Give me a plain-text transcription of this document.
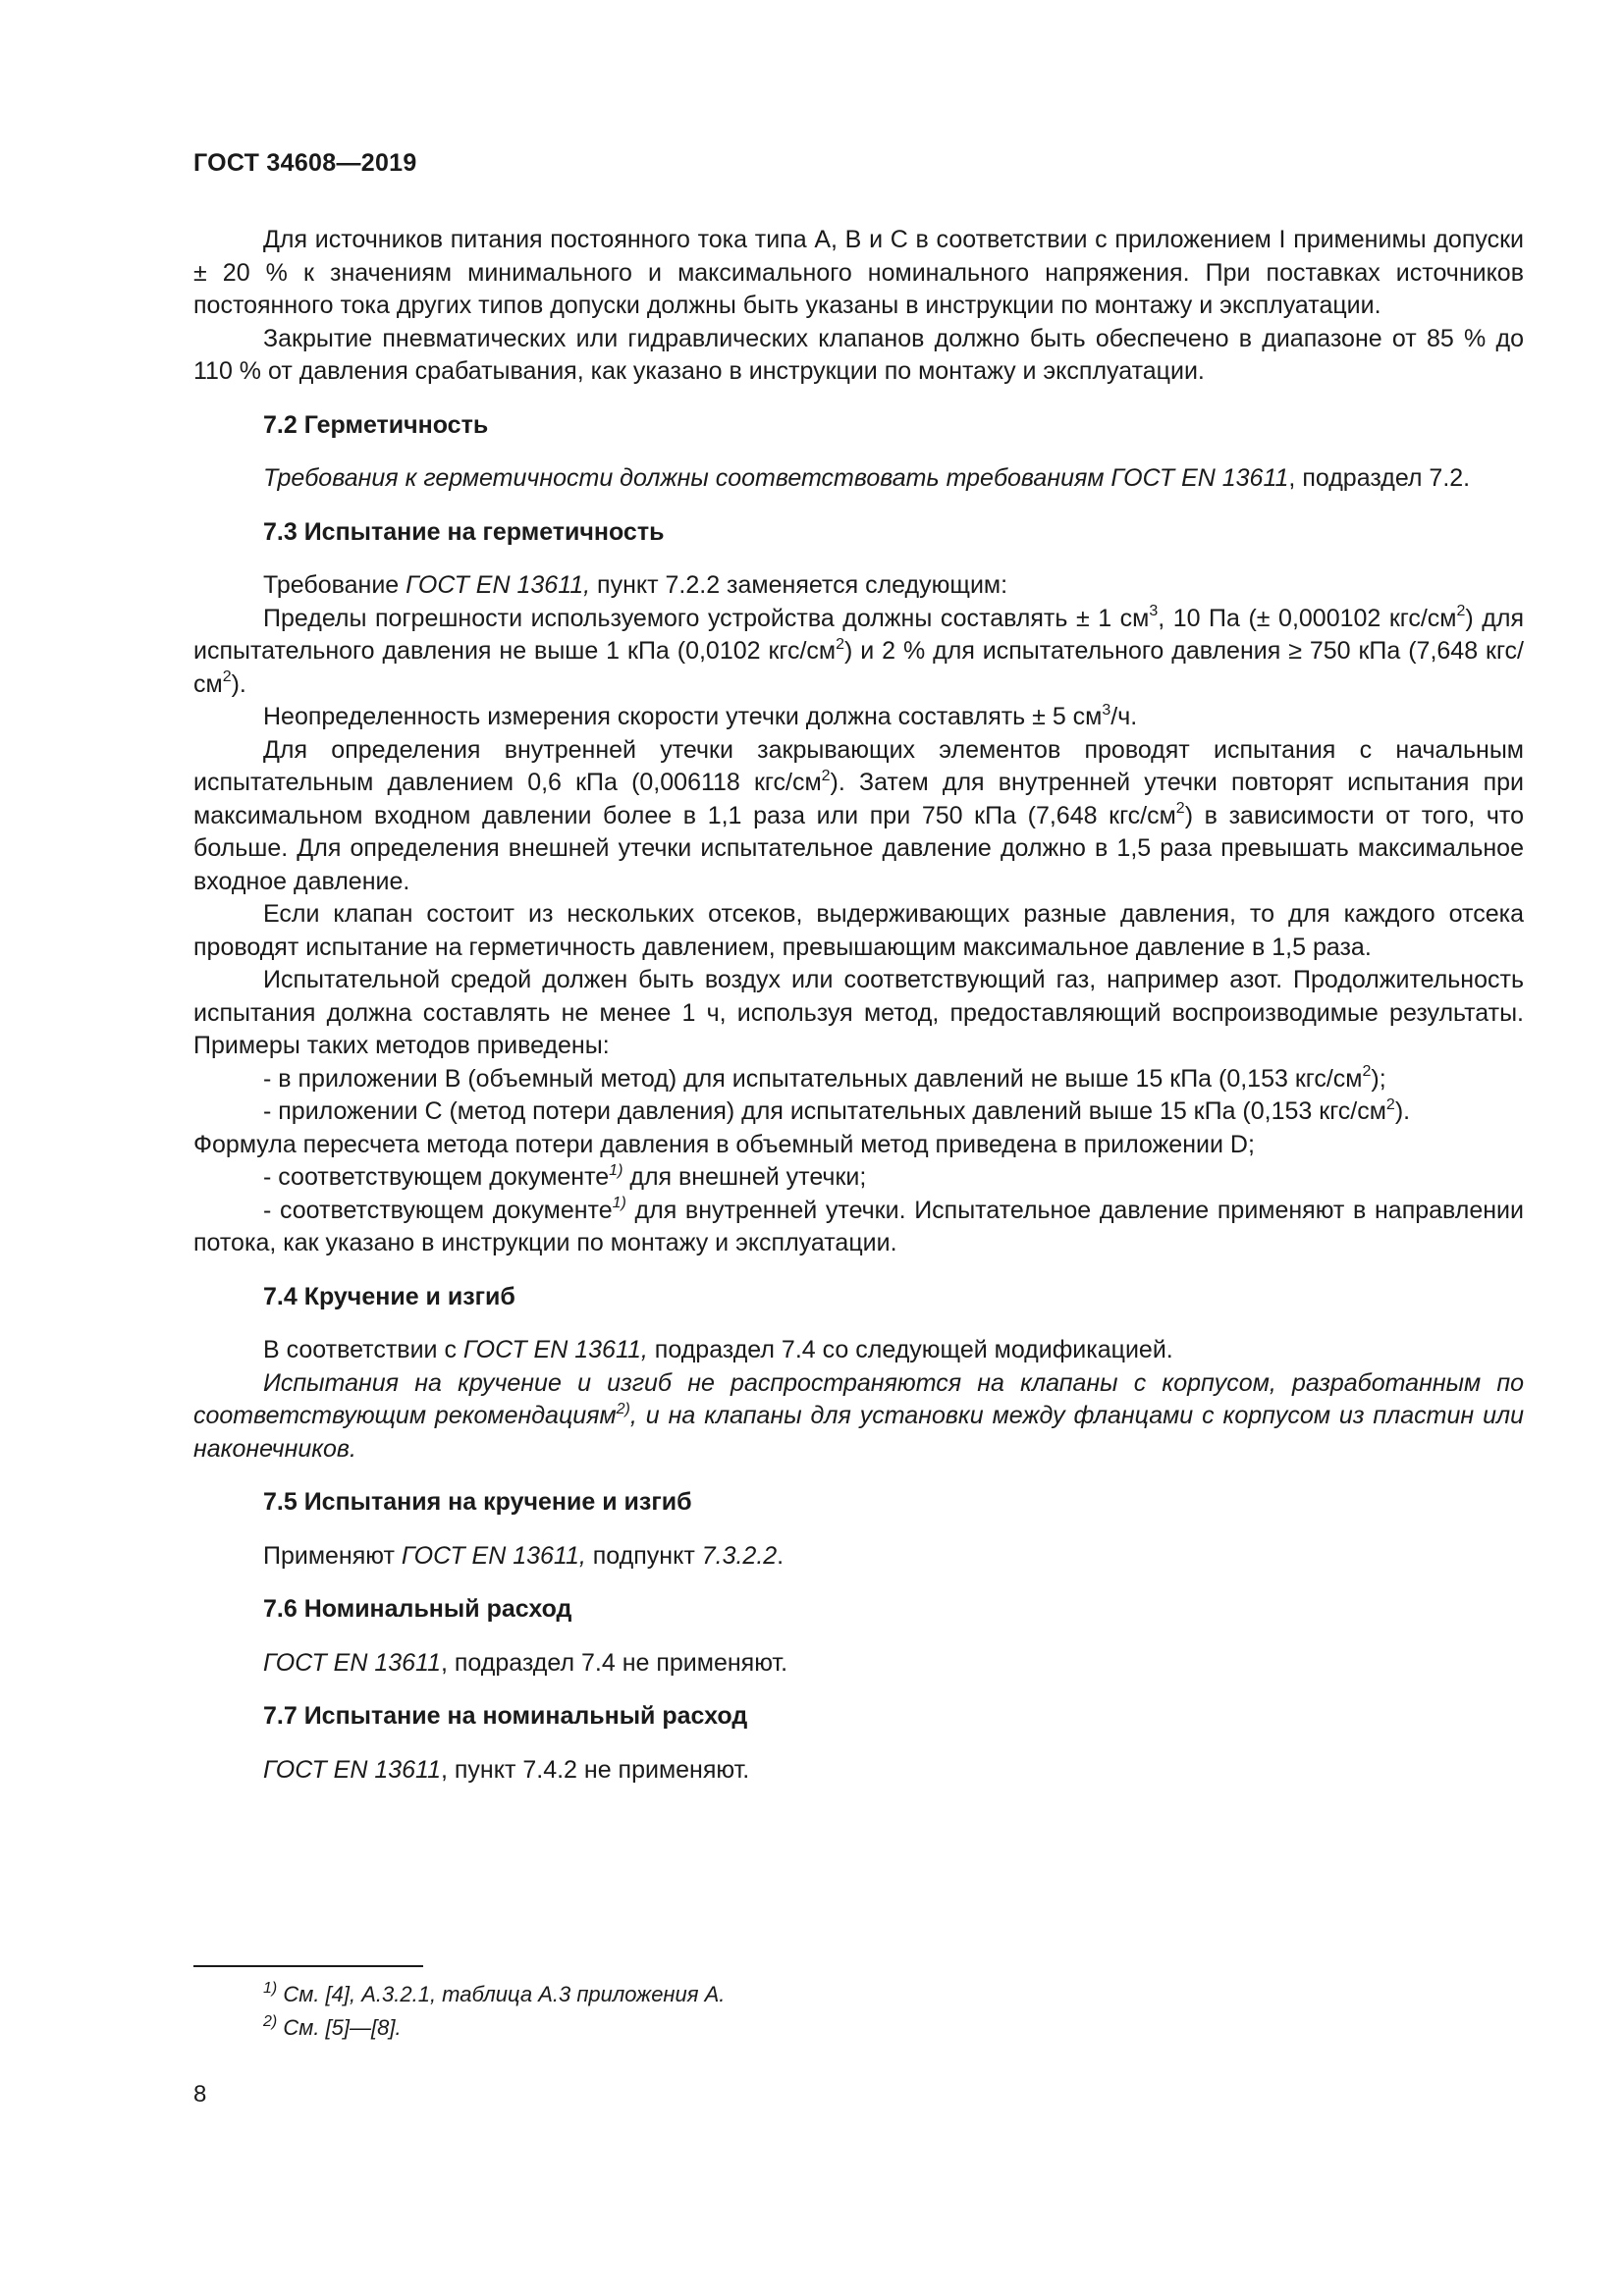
ГОСТ 34608—2019

Для источников питания постоянного тока типа А, В и С в соответствии с приложением I применимы допуски ± 20 % к значениям минимального и максимального номинального напряжения. При поставках источников постоянного тока других типов допуски должны быть указаны в инструкции по монтажу и эксплуатации.

Закрытие пневматических или гидравлических клапанов должно быть обеспечено в диапазоне от 85 % до 110 % от давления срабатывания, как указано в инструкции по монтажу и эксплуатации.

7.2 Герметичность

Требования к герметичности должны соответствовать требованиям ГОСТ EN 13611, подраздел 7.2.

7.3 Испытание на герметичность

Требование ГОСТ EN 13611, пункт 7.2.2 заменяется следующим:

Пределы погрешности используемого устройства должны составлять ± 1 $см^3$, 10 Па (± 0,000102 кгс/$см^2$) для испытательного давления не выше 1 кПа (0,0102 кгс/$см^2$) и 2 % для испытательного давления ≥ 750 кПа (7,648 кгс/$см^2$).

Неопределенность измерения скорости утечки должна составлять ± 5 $см^3/ч$.

Для определения внутренней утечки закрывающих элементов проводят испытания с начальным испытательным давлением 0,6 кПа (0,006118 кгс/$см^2$). Затем для внутренней утечки повторят испытания при максимальном входном давлении более в 1,1 раза или при 750 кПа (7,648 кгс/$см^2$) в зависимости от того, что больше. Для определения внешней утечки испытательное давление должно в 1,5 раза превышать максимальное входное давление.

Если клапан состоит из нескольких отсеков, выдерживающих разные давления, то для каждого отсека проводят испытание на герметичность давлением, превышающим максимальное давление в 1,5 раза.

Испытательной средой должен быть воздух или соответствующий газ, например азот. Продолжительность испытания должна составлять не менее 1 ч, используя метод, предоставляющий воспроизводимые результаты. Примеры таких методов приведены:

- в приложении В (объемный метод) для испытательных давлений не выше 15 кПа (0,153 кгс/$см^2$);
- приложении С (метод потери давления) для испытательных давлений выше 15 кПа (0,153 кгс/$см^2$).
Формула пересчета метода потери давления в объемный метод приведена в приложении D;
- соответствующем документе$^{1)}$ для внешней утечки;

- соответствующем документе$^{1)}$ для внутренней утечки. Испытательное давление применяют в направлении потока, как указано в инструкции по монтажу и эксплуатации.

7.4 Кручение и изгиб

В соответствии с ГОСТ EN 13611, подраздел 7.4 со следующей модификацией.

Испытания на кручение и изгиб не распространяются на клапаны с корпусом, разработанным по соответствующим рекомендациям$^{2)}$, и на клапаны для установки между фланцами с корпусом из пластин или наконечников.

7.5 Испытания на кручение и изгиб

Применяют ГОСТ EN 13611, подпункт 7.3.2.2.

7.6 Номинальный расход

ГОСТ EN 13611, подраздел 7.4 не применяют.

7.7 Испытание на номинальный расход

ГОСТ EN 13611, пункт 7.4.2 не применяют.

$^{1)}$ См. [4], А.3.2.1, таблица А.3 приложения А.
$^{2)}$ См. [5]—[8].
8
